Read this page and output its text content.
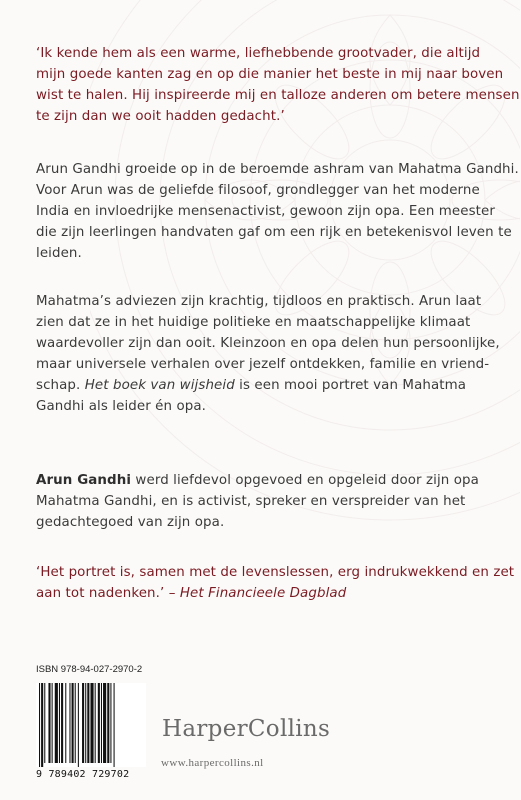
‘Ik kende hem als een warme, liefhebbende grootvader, die altijd
mijn goede kanten zag en op die manier het beste in mij naar boven
wist te halen. Hij inspireerde mij en talloze anderen om betere mensen
te zijn dan we ooit hadden gedacht.’
Arun Gandhi groeide op in de beroemde ashram van Mahatma Gandhi.
Voor Arun was de geliefde filosoof, grondlegger van het moderne
India en invloedrijke mensenactivist, gewoon zijn opa. Een meester
die zijn leerlingen handvaten gaf om een rijk en betekenisvol leven te
leiden.
Mahatma’s adviezen zijn krachtig, tijdloos en praktisch. Arun laat
zien dat ze in het huidige politieke en maatschappelijke klimaat
waardevoller zijn dan ooit. Kleinzoon en opa delen hun persoonlijke,
maar universele verhalen over jezelf ontdekken, familie en vriend-
schap. Het boek van wijsheid is een mooi portret van Mahatma
Gandhi als leider én opa.
Arun Gandhi werd liefdevol opgevoed en opgeleid door zijn opa
Mahatma Gandhi, en is activist, spreker en verspreider van het
gedachtegoed van zijn opa.
‘Het portret is, samen met de levenslessen, erg indrukwekkend en zet
aan tot nadenken.’ – Het Financieele Dagblad
ISBN 978-94-027-2970-2
9 789402 729702
HarperCollins
www.harpercollins.nl
